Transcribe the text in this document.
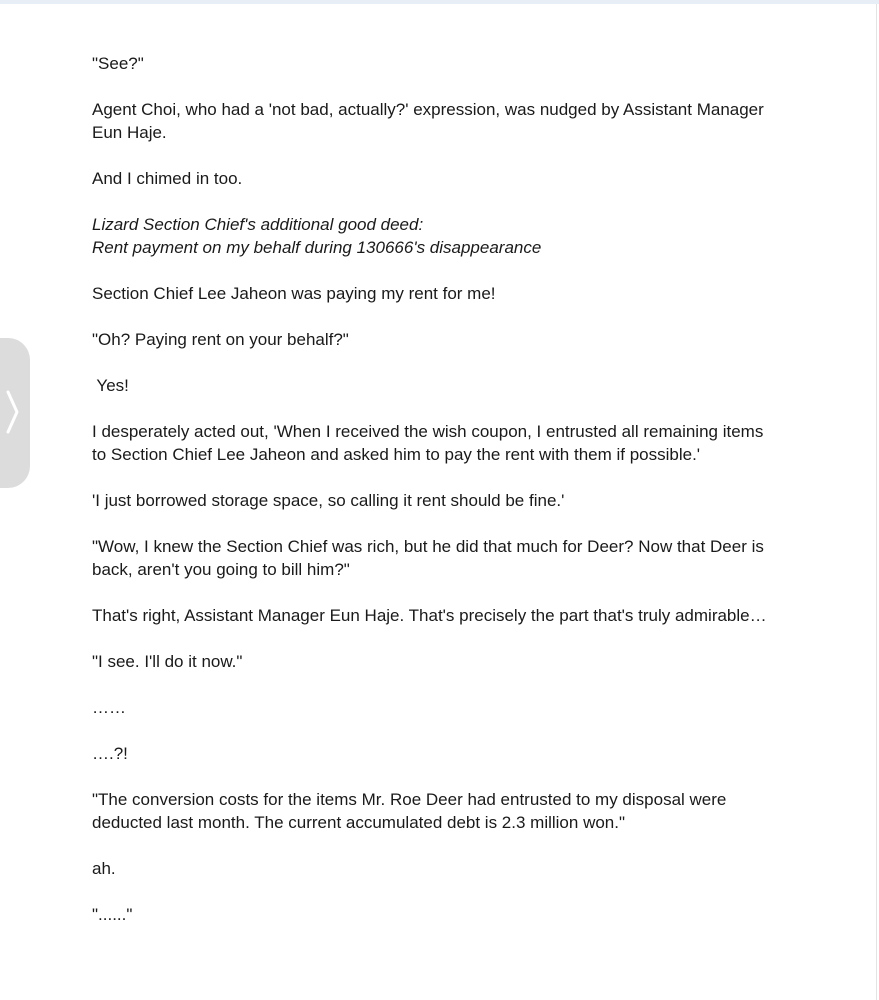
"See?"

Agent Choi, who had a 'not bad, actually?' expression, was nudged by Assistant Manager Eun Haje.

And I chimed in too.

Lizard Section Chief's additional good deed:
Rent payment on my behalf during 130666's disappearance

Section Chief Lee Jaheon was paying my rent for me!

"Oh? Paying rent on your behalf?"

Yes!

I desperately acted out, 'When I received the wish coupon, I entrusted all remaining items to Section Chief Lee Jaheon and asked him to pay the rent with them if possible.'

'I just borrowed storage space, so calling it rent should be fine.'

"Wow, I knew the Section Chief was rich, but he did that much for Deer? Now that Deer is back, aren't you going to bill him?"

That's right, Assistant Manager Eun Haje. That's precisely the part that's truly admirable…

"I see. I'll do it now."

……

….?!

"The conversion costs for the items Mr. Roe Deer had entrusted to my disposal were deducted last month. The current accumulated debt is 2.3 million won."

ah.

"......"
